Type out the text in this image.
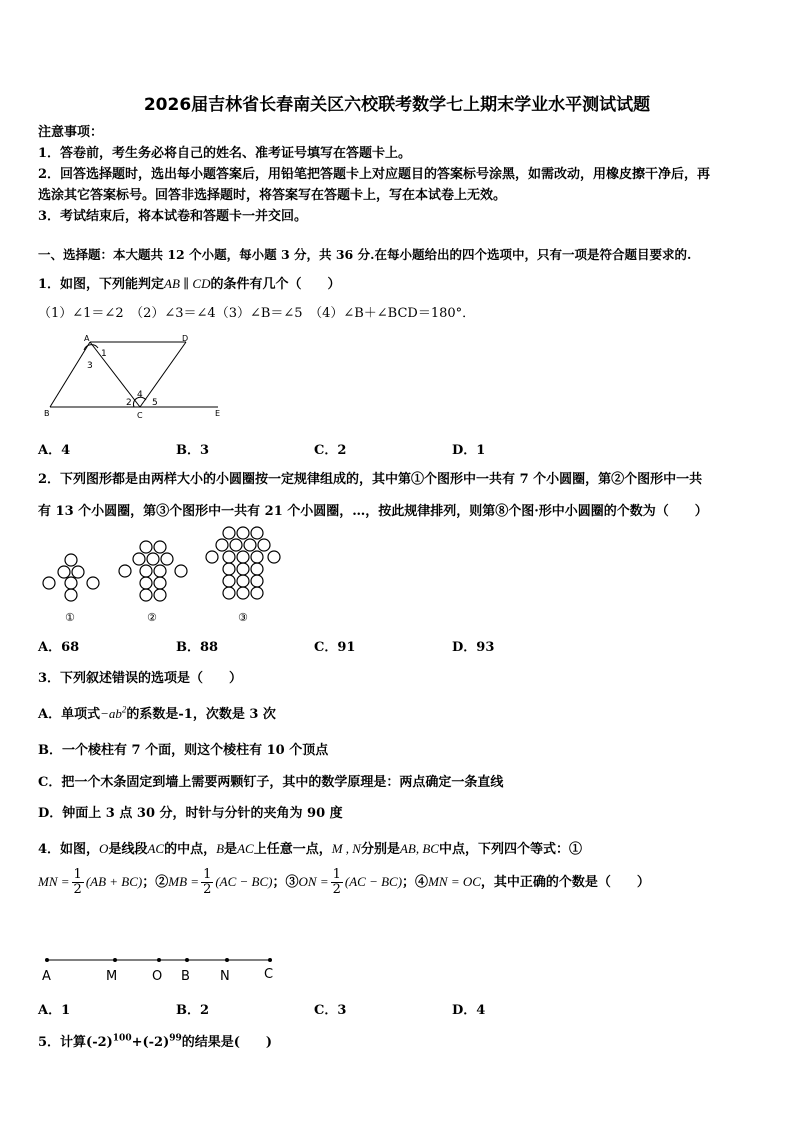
2026届吉林省长春南关区六校联考数学七上期末学业水平测试试题
注意事项：
1．答卷前，考生务必将自己的姓名、准考证号填写在答题卡上。
2．回答选择题时，选出每小题答案后，用铅笔把答题卡上对应题目的答案标号涂黑，如需改动，用橡皮擦干净后，再
选涂其它答案标号。回答非选择题时，将答案写在答题卡上，写在本试卷上无效。
3．考试结束后，将本试卷和答题卡一并交回。
一、选择题：本大题共 12 个小题，每小题 3 分，共 36 分.在每小题给出的四个选项中，只有一项是符合题目要求的.
1．如图，下列能判定AB ∥ CD的条件有几个（　　）
（1）∠1＝∠2　（2）∠3＝∠4（3）∠B＝∠5　（4）∠B＋∠BCD＝180°．
A	D
B	C	E
1
3
2
4
5
A．4	B．3	C．2	D．1
2．下列图形都是由两样大小的小圆圈按一定规律组成的，其中第①个图形中一共有 7 个小圆圈，第②个图形中一共
有 13 个小圆圈，第③个图形中一共有 21 个小圆圈，…，按此规律排列，则第⑧个图·形中小圆圈的个数为（　　）
①	②	③
A．68	B．88	C．91	D．93
3．下列叙述错误的选项是（　　）
A．单项式$-ab^2$的系数是-1，次数是 3 次
B．一个棱柱有 7 个面，则这个棱柱有 10 个顶点
C．把一个木条固定到墙上需要两颗钉子，其中的数学原理是：两点确定一条直线
D．钟面上 3 点 30 分，时针与分针的夹角为 90 度
4．如图，O是线段AC的中点，B是AC上任意一点，M , N分别是AB, BC中点，下列四个等式：①
MN = $\frac{1}{2} (AB + BC)$；②MB = $\frac{1}{2} (AC - BC)$；③ON = $\frac{1}{2} (AC - BC)$；④MN = OC，其中正确的个数是（　　）
A	M	O B N	C
A．1	B．2	C．3	D．4
5．计算$(-2)^{100}+(-2)^{99}$的结果是(　　)
